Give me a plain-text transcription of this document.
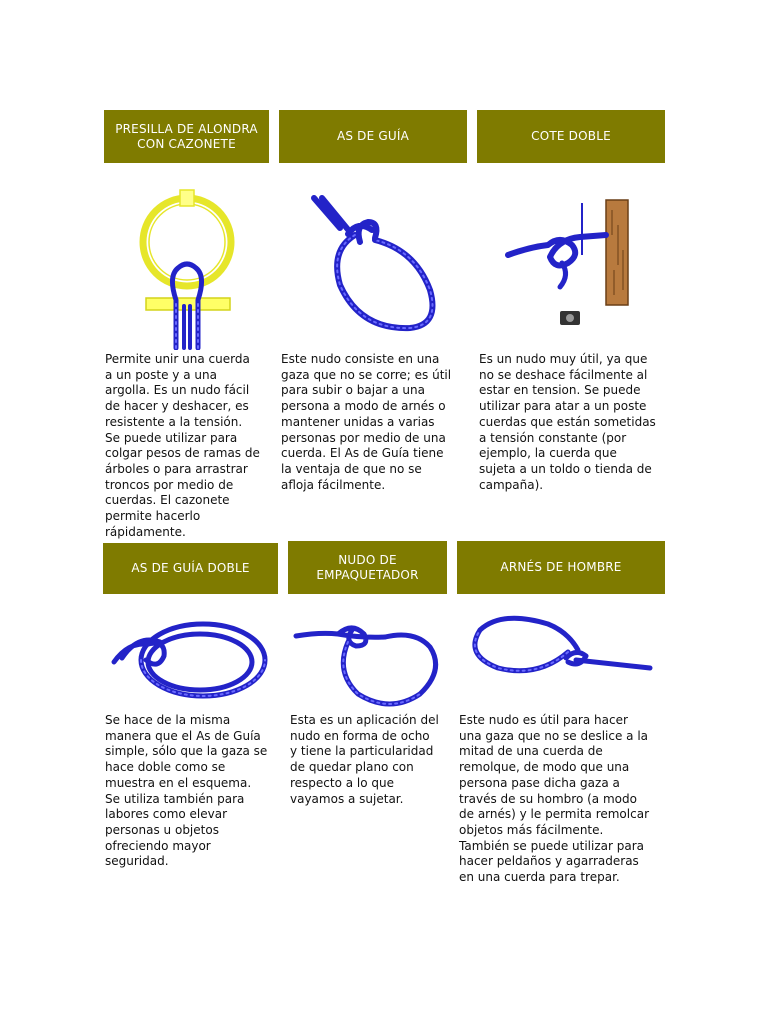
PRESILLA DE ALONDRA CON CAZONETE
AS DE GUÍA	COTE DOBLE
Permite unir una cuerda
a un poste y a una
argolla. Es un nudo fácil
de hacer y deshacer, es
resistente a la tensión.
Se puede utilizar para
colgar pesos de ramas de
árboles o para arrastrar
troncos por medio de
cuerdas. El cazonete
permite hacerlo
rápidamente.
Este nudo consiste en una
gaza que no se corre; es útil
para subir o bajar a una
persona a modo de arnés o
mantener unidas a varias
personas por medio de una
cuerda. El As de Guía tiene
la ventaja de que no se
afloja fácilmente.
Es un nudo muy útil, ya que
no se deshace fácilmente al
estar en tension. Se puede
utilizar para atar a un poste
cuerdas que están sometidas
a tensión constante (por
ejemplo, la cuerda que
sujeta a un toldo o tienda de
campaña).
AS DE GUÍA DOBLE
NUDO DE EMPAQUETADOR
ARNÉS DE HOMBRE
Se hace de la misma
manera que el As de Guía
simple, sólo que la gaza se
hace doble como se
muestra en el esquema.
Se utiliza también para
labores como elevar
personas u objetos
ofreciendo mayor
seguridad.
Esta es un aplicación del
nudo en forma de ocho
y tiene la particularidad
de quedar plano con
respecto a lo que
vayamos a sujetar.
Este nudo es útil para hacer
una gaza que no se deslice a la
mitad de una cuerda de
remolque, de modo que una
persona pase dicha gaza a
través de su hombro (a modo
de arnés) y le permita remolcar
objetos más fácilmente.
También se puede utilizar para
hacer peldaños y agarraderas
en una cuerda para trepar.
